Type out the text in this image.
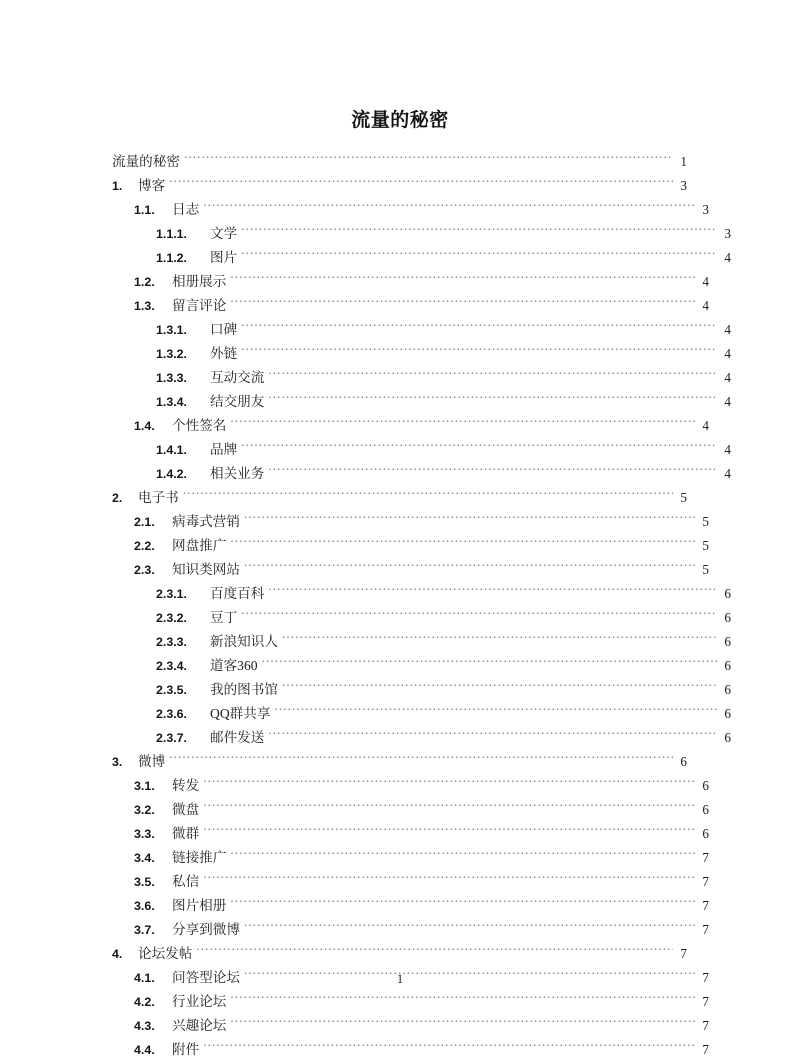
流量的秘密
流量的秘密 .....	1
1.	博客 .....	3
1.1.	日志 .....	3
1.1.1.	文学 .....	3
1.1.2.	图片 .....	4
1.2.	相册展示 .....	4
1.3.	留言评论 .....	4
1.3.1.	口碑 .....	4
1.3.2.	外链 .....	4
1.3.3.	互动交流 .....	4
1.3.4.	结交朋友 .....	4
1.4.	个性签名 .....	4
1.4.1.	品牌 .....	4
1.4.2.	相关业务 .....	4
2.	电子书 .....	5
2.1.	病毒式营销 .....	5
2.2.	网盘推广 .....	5
2.3.	知识类网站 .....	5
2.3.1.	百度百科 .....	6
2.3.2.	豆丁 .....	6
2.3.3.	新浪知识人 .....	6
2.3.4.	道客360 .....	6
2.3.5.	我的图书馆 .....	6
2.3.6.	QQ群共享 .....	6
2.3.7.	邮件发送 .....	6
3.	微博 .....	6
3.1.	转发 .....	6
3.2.	微盘 .....	6
3.3.	微群 .....	6
3.4.	链接推广 .....	7
3.5.	私信 .....	7
3.6.	图片相册 .....	7
3.7.	分享到微博 .....	7
4.	论坛发帖 .....	7
4.1.	问答型论坛 .....	7
4.2.	行业论坛 .....	7
4.3.	兴趣论坛 .....	7
4.4.	附件 .....	7
1
